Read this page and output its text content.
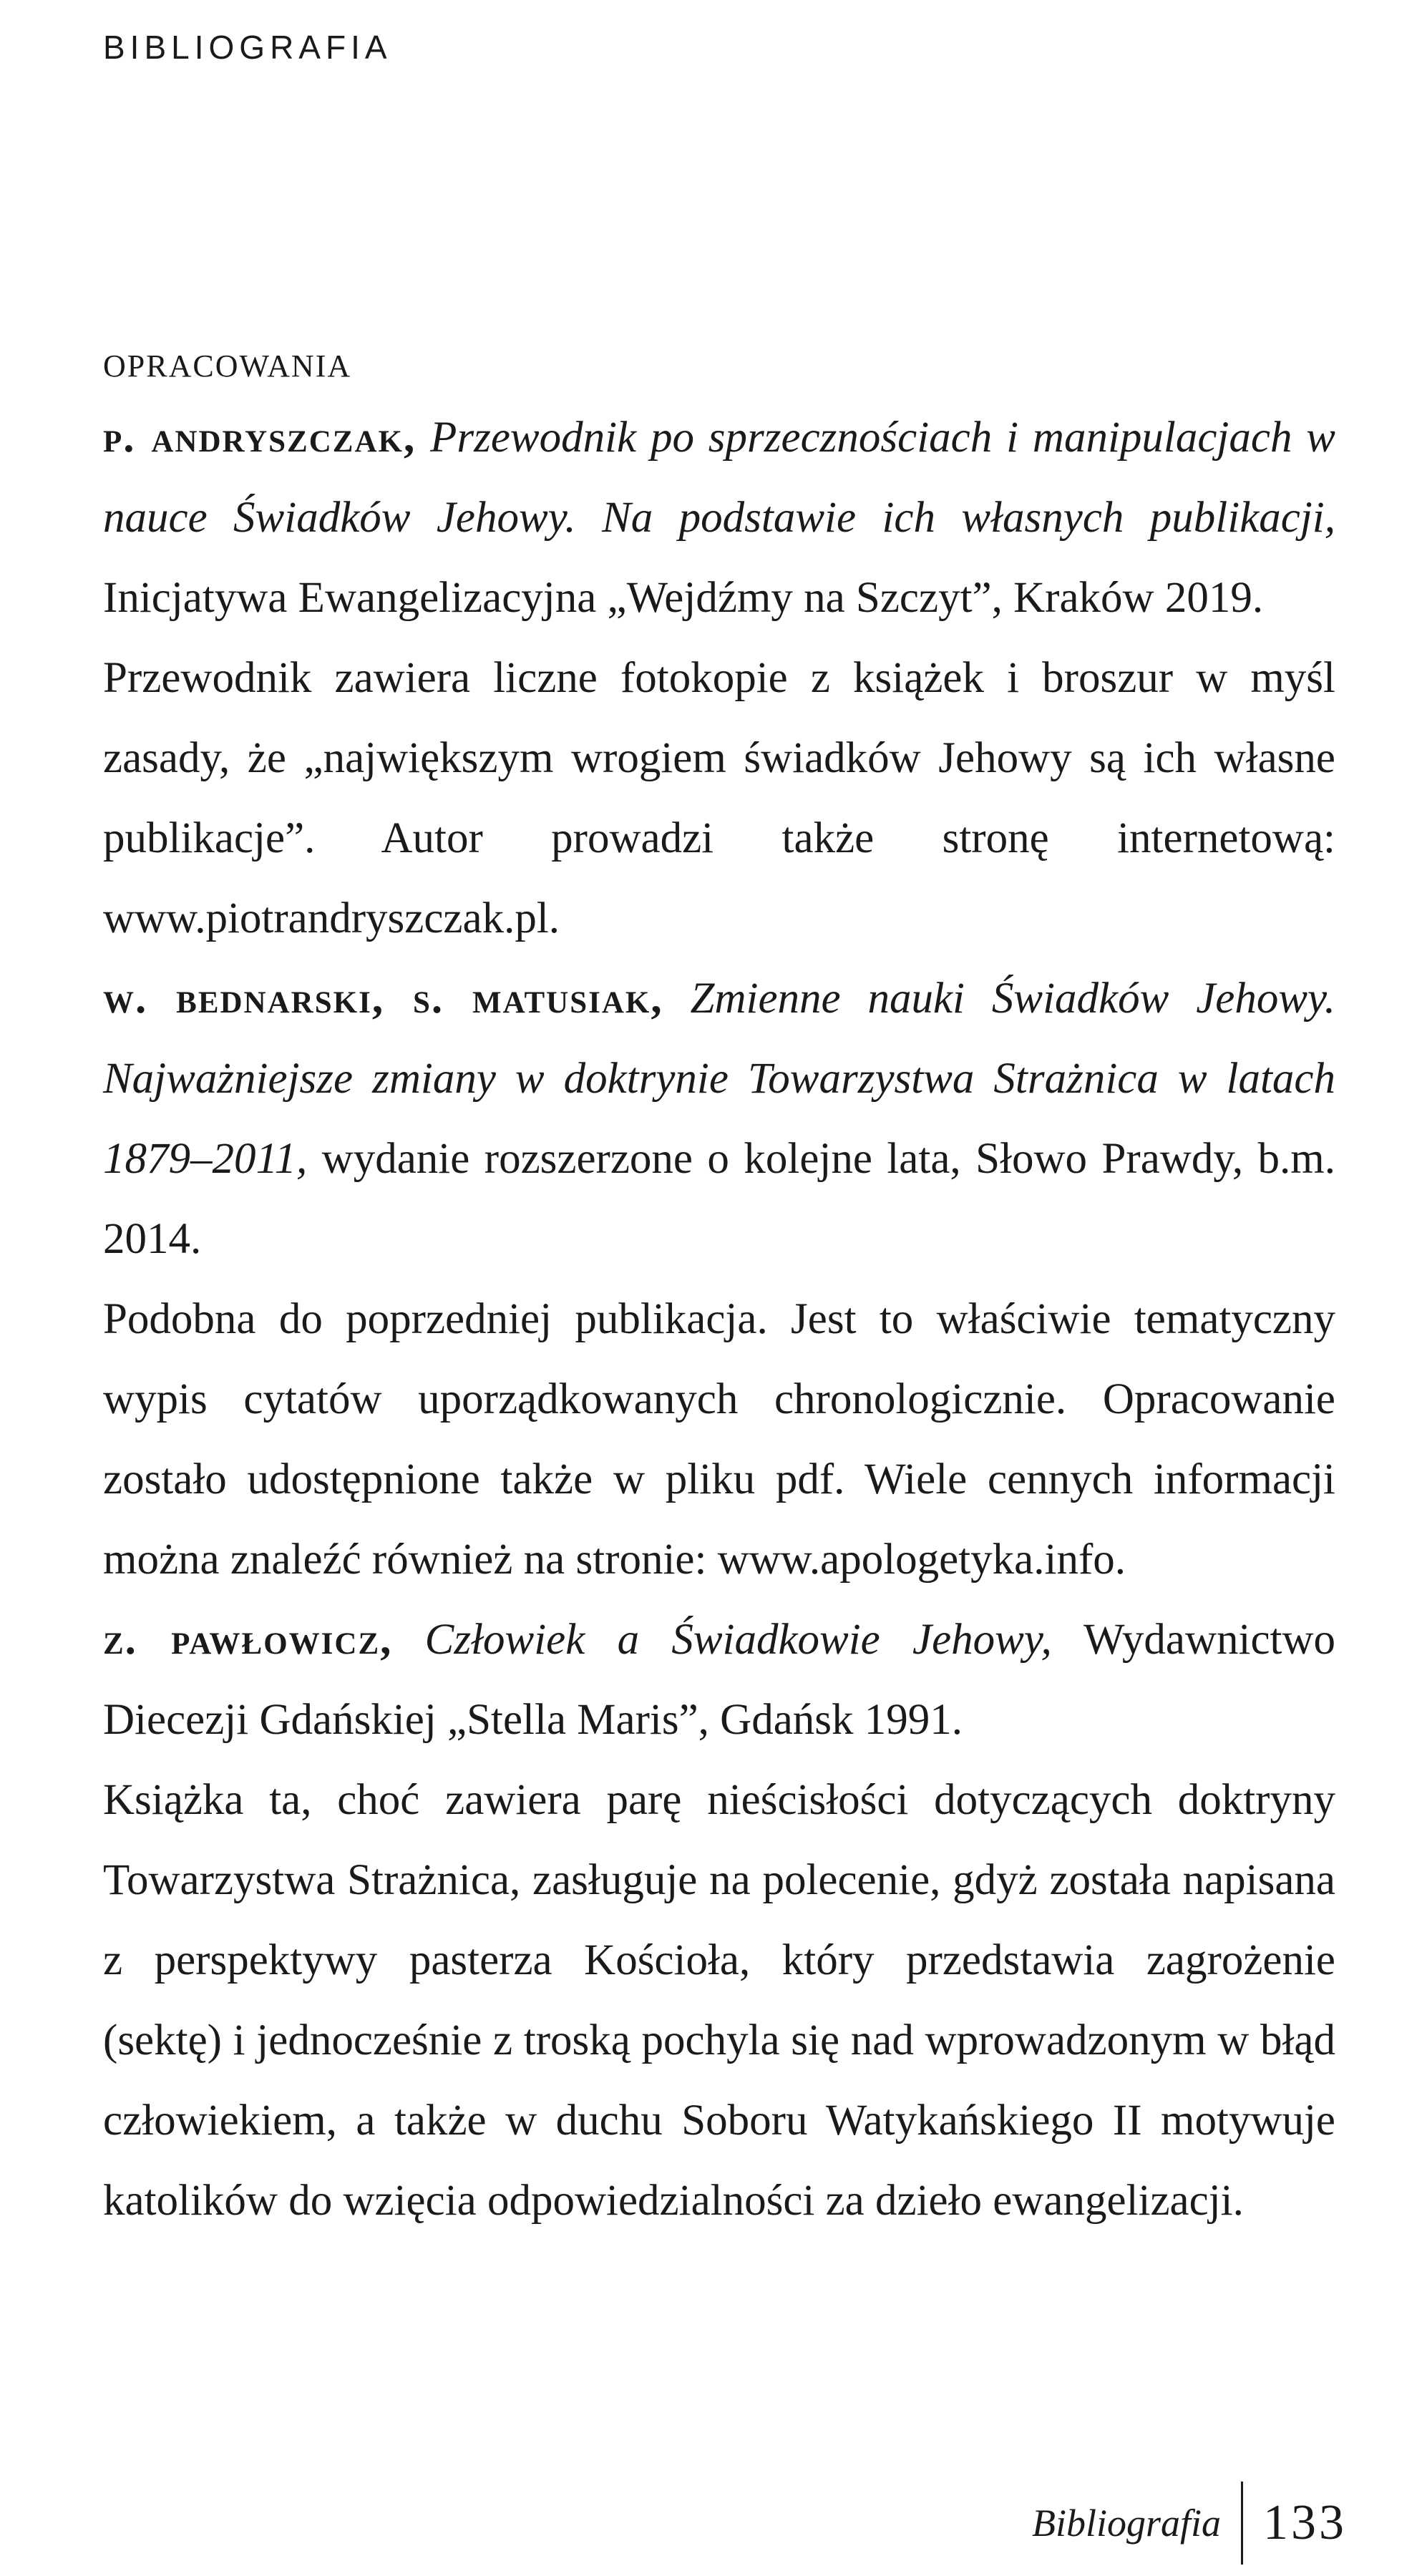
BIBLIOGRAFIA

OPRACOWANIA

p. andryszczak, Przewodnik po sprzecznościach i manipulacjach w nauce Świadków Jehowy. Na podstawie ich własnych publikacji, Inicjatywa Ewangelizacyjna „Wejdźmy na Szczyt”, Kraków 2019.

Przewodnik zawiera liczne fotokopie z książek i broszur w myśl zasady, że „największym wrogiem świadków Jehowy są ich własne publikacje”. Autor prowadzi także stronę internetową: www.piotrandryszczak.pl.

w. bednarski, s. matusiak, Zmienne nauki Świadków Jehowy. Najważniejsze zmiany w doktrynie Towarzystwa Strażnica w latach 1879–2011, wydanie rozszerzone o kolejne lata, Słowo Prawdy, b.m. 2014.

Podobna do poprzedniej publikacja. Jest to właściwie tematyczny wypis cytatów uporządkowanych chronologicznie. Opracowanie zostało udostępnione także w pliku pdf. Wiele cennych informacji można znaleźć również na stronie: www.apologetyka.info.

z. pawłowicz, Człowiek a Świadkowie Jehowy, Wydawnictwo Diecezji Gdańskiej „Stella Maris”, Gdańsk 1991.

Książka ta, choć zawiera parę nieścisłości dotyczących doktryny Towarzystwa Strażnica, zasługuje na polecenie, gdyż została napisana z perspektywy pasterza Kościoła, który przedstawia zagrożenie (sektę) i jednocześnie z troską pochyla się nad wprowadzonym w błąd człowiekiem, a także w duchu Soboru Watykańskiego II motywuje katolików do wzięcia odpowiedzialności za dzieło ewangelizacji.

Bibliografia 133
